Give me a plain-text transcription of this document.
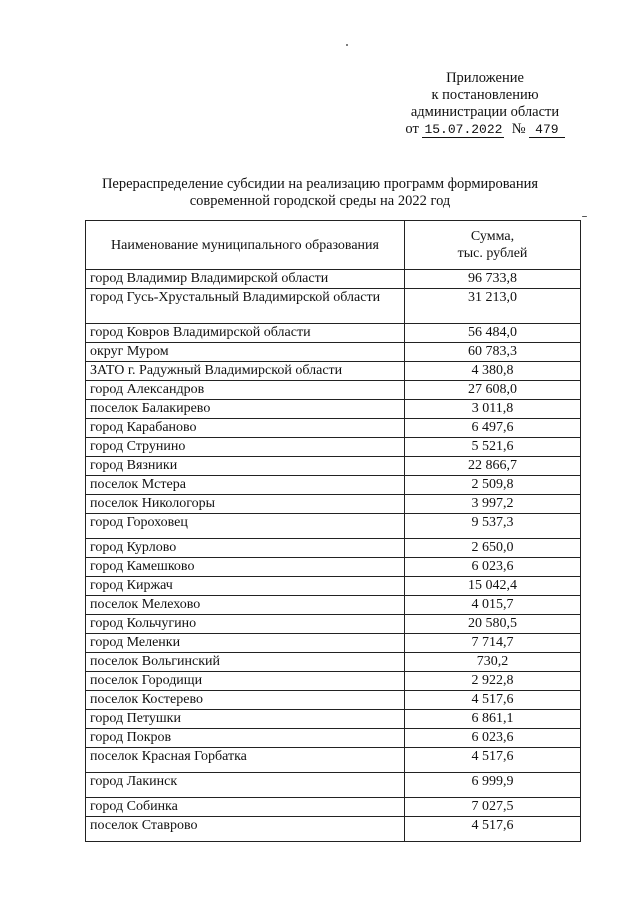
Приложение
к постановлению
администрации области
от 15.07.2022 № 479
Перераспределение субсидии на реализацию программ формирования
современной городской среды на 2022 год
Наименование муниципального образования	Сумма,
тыс. рублей

город Владимир Владимирской области	96 733,8
город Гусь-Хрустальный Владимирской области	31 213,0
город Ковров Владимирской области	56 484,0
округ Муром	60 783,3
ЗАТО г. Радужный Владимирской области	4 380,8
город Александров	27 608,0
поселок Балакирево	3 011,8
город Карабаново	6 497,6
город Струнино	5 521,6
город Вязники	22 866,7
поселок Мстера	2 509,8
поселок Никологоры	3 997,2
город Гороховец	9 537,3
город Курлово	2 650,0
город Камешково	6 023,6
город Киржач	15 042,4
поселок Мелехово	4 015,7
город Кольчугино	20 580,5
город Меленки	7 714,7
поселок Вольгинский	730,2
поселок Городищи	2 922,8
поселок Костерево	4 517,6
город Петушки	6 861,1
город Покров	6 023,6
поселок Красная Горбатка	4 517,6
город Лакинск	6 999,9
город Собинка	7 027,5
поселок Ставрово	4 517,6
